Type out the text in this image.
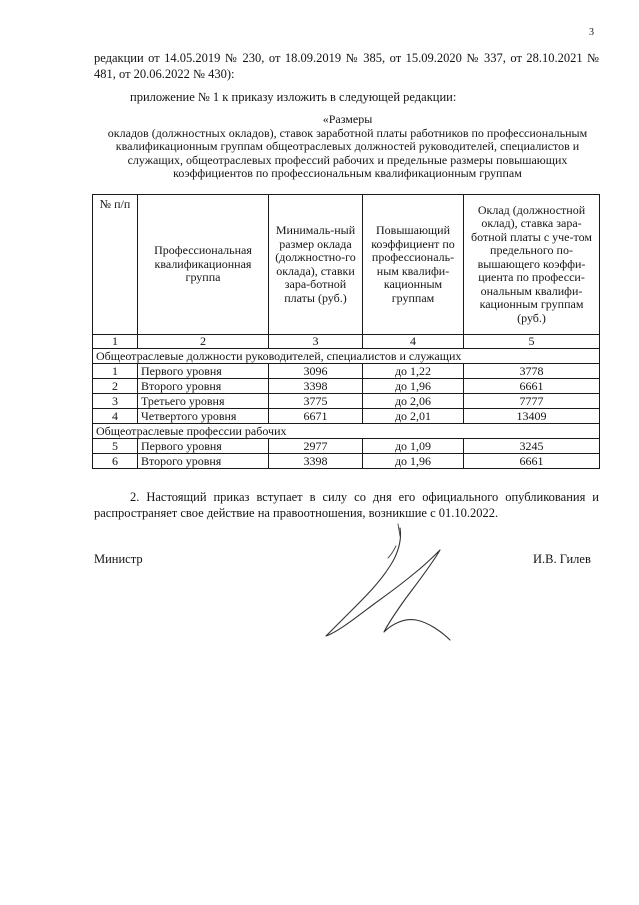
3
редакции от 14.05.2019 № 230, от 18.09.2019 № 385, от 15.09.2020 № 337, от 28.10.2021 № 481, от 20.06.2022 № 430):
приложение № 1 к приказу изложить в следующей редакции:
«Размеры
окладов (должностных окладов), ставок заработной платы работников по профессиональным квалификационным группам общеотраслевых должностей руководителей, специалистов и служащих, общеотраслевых профессий рабочих и предельные размеры повышающих коэффициентов по профессиональным квалификационным группам
№ п/п	Профессиональная квалификационная группа	Минималь-ный размер оклада (должностно-го оклада), ставки зара-ботной платы (руб.)	Повышающий коэффициент по профессиональ-ным квалифи-кационным группам	Оклад (должностной оклад), ставка зара-ботной платы с уче-том предельного по-вышающего коэффи-циента по професси-ональным квалифи-кационным группам (руб.)
1	2	3	4	5
Общеотраслевые должности руководителей, специалистов и служащих				
1	Первого уровня	3096	до 1,22	3778
2	Второго уровня	3398	до 1,96	6661
3	Третьего уровня	3775	до 2,06	7777
4	Четвертого уровня	6671	до 2,01	13409
Общеотраслевые профессии рабочих				
5	Первого уровня	2977	до 1,09	3245
6	Второго уровня	3398	до 1,96	6661
2. Настоящий приказ вступает в силу со дня его официального опубликования и распространяет свое действие на правоотношения, возникшие с 01.10.2022.
Министр	И.В. Гилев
